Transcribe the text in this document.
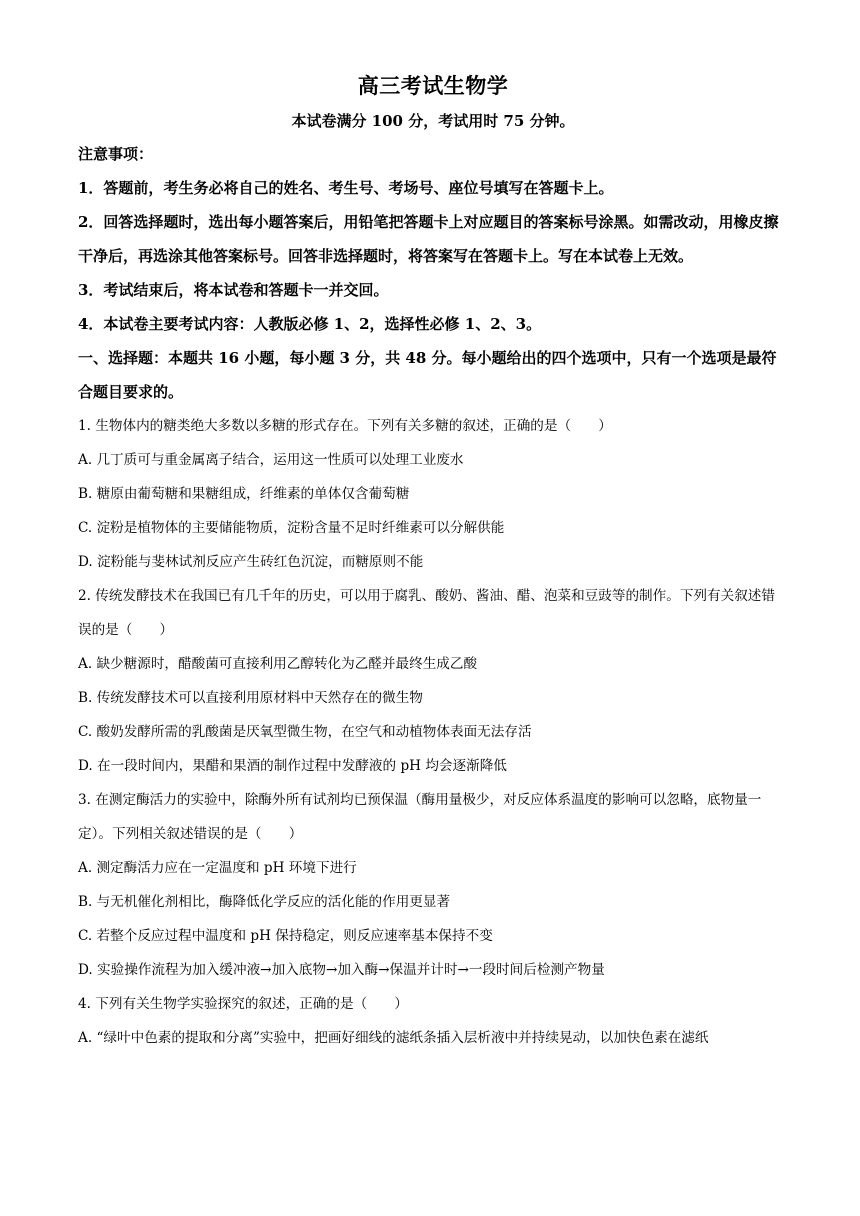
高三考试生物学
本试卷满分 100 分，考试用时 75 分钟。
注意事项：
1．答题前，考生务必将自己的姓名、考生号、考场号、座位号填写在答题卡上。
2．回答选择题时，选出每小题答案后，用铅笔把答题卡上对应题目的答案标号涂黑。如需改动，用橡皮擦干净后，再选涂其他答案标号。回答非选择题时，将答案写在答题卡上。写在本试卷上无效。
3．考试结束后，将本试卷和答题卡一并交回。
4．本试卷主要考试内容：人教版必修 1、2，选择性必修 1、2、3。
一、选择题：本题共 16 小题，每小题 3 分，共 48 分。每小题给出的四个选项中，只有一个选项是最符合题目要求的。
1. 生物体内的糖类绝大多数以多糖的形式存在。下列有关多糖的叙述，正确的是（　　）
A. 几丁质可与重金属离子结合，运用这一性质可以处理工业废水
B. 糖原由葡萄糖和果糖组成，纤维素的单体仅含葡萄糖
C. 淀粉是植物体的主要储能物质，淀粉含量不足时纤维素可以分解供能
D. 淀粉能与斐林试剂反应产生砖红色沉淀，而糖原则不能
2. 传统发酵技术在我国已有几千年的历史，可以用于腐乳、酸奶、酱油、醋、泡菜和豆豉等的制作。下列有关叙述错误的是（　　）
A. 缺少糖源时，醋酸菌可直接利用乙醇转化为乙醛并最终生成乙酸
B. 传统发酵技术可以直接利用原材料中天然存在的微生物
C. 酸奶发酵所需的乳酸菌是厌氧型微生物，在空气和动植物体表面无法存活
D. 在一段时间内，果醋和果酒的制作过程中发酵液的 pH 均会逐渐降低
3. 在测定酶活力的实验中，除酶外所有试剂均已预保温（酶用量极少，对反应体系温度的影响可以忽略，底物量一定）。下列相关叙述错误的是（　　）
A. 测定酶活力应在一定温度和 pH 环境下进行
B. 与无机催化剂相比，酶降低化学反应的活化能的作用更显著
C. 若整个反应过程中温度和 pH 保持稳定，则反应速率基本保持不变
D. 实验操作流程为加入缓冲液→加入底物→加入酶→保温并计时→一段时间后检测产物量
4. 下列有关生物学实验探究的叙述，正确的是（　　）
A. “绿叶中色素的提取和分离”实验中，把画好细线的滤纸条插入层析液中并持续晃动，以加快色素在滤纸
